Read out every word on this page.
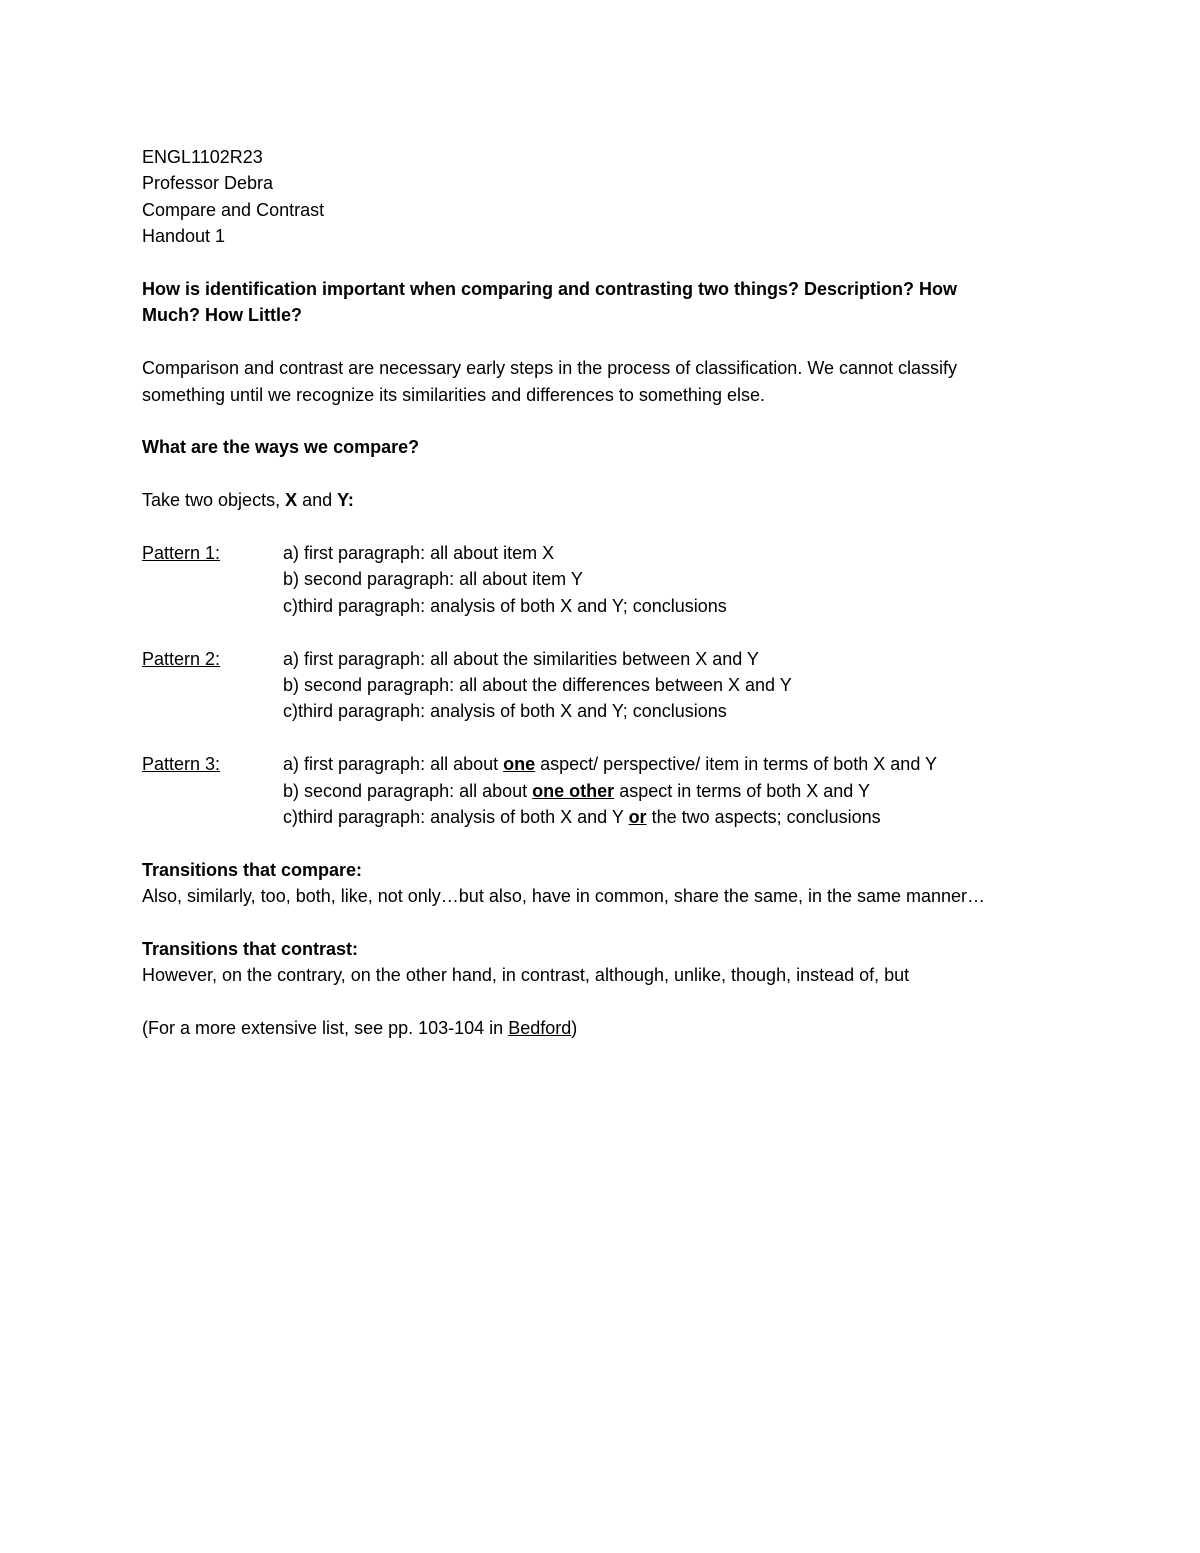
ENGL1102R23
Professor Debra
Compare and Contrast
Handout 1
How is identification important when comparing and contrasting two things? Description? How
Much? How Little?
Comparison and contrast are necessary early steps in the process of classification. We cannot classify
something until we recognize its similarities and differences to something else.
What are the ways we compare?
Take two objects, X and Y:
Pattern 1:	a) first paragraph: all about item X
b) second paragraph: all about item Y
c)third paragraph: analysis of both X and Y; conclusions
Pattern 2:	a) first paragraph: all about the similarities between X and Y
b) second paragraph: all about the differences between X and Y
c)third paragraph: analysis of both X and Y; conclusions
Pattern 3:	a) first paragraph: all about one aspect/ perspective/ item in terms of both X and Y
b) second paragraph: all about one other aspect in terms of both X and Y
c)third paragraph: analysis of both X and Y or the two aspects; conclusions
Transitions that compare:
Also, similarly, too, both, like, not only…but also, have in common, share the same, in the same manner…
Transitions that contrast:
However, on the contrary, on the other hand, in contrast, although, unlike, though, instead of, but
(For a more extensive list, see pp. 103-104 in Bedford)
